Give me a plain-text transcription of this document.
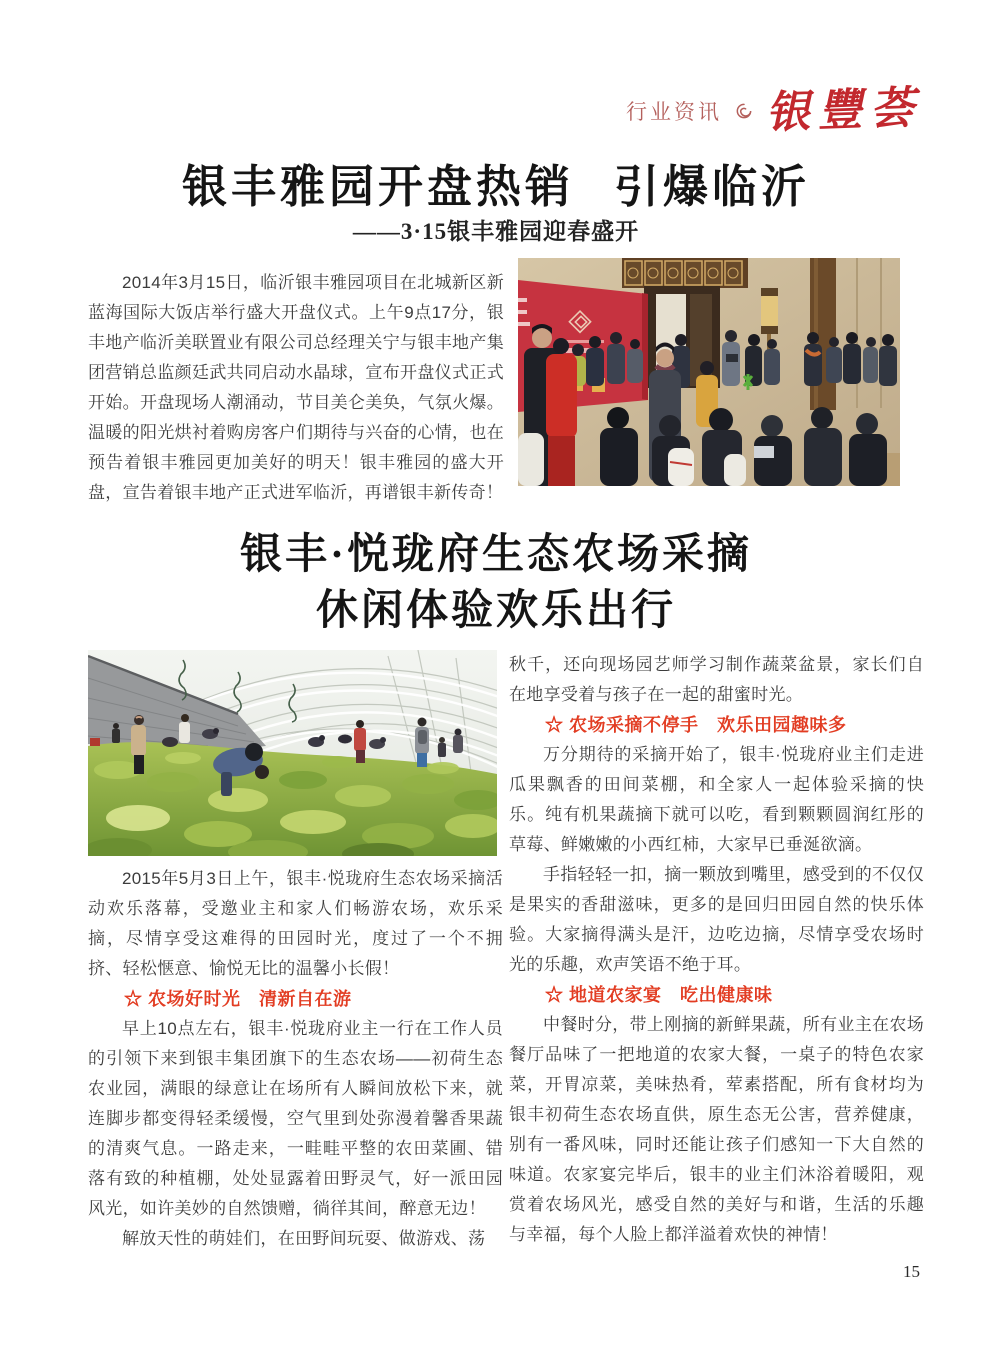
行业资讯 银豐荟
银丰雅园开盘热销 引爆临沂
——3·15银丰雅园迎春盛开

2014年3月15日，临沂银丰雅园项目在北城新区新蓝海国际大饭店举行盛大开盘仪式。上午9点17分，银丰地产临沂美联置业有限公司总经理关宁与银丰地产集团营销总监颜廷武共同启动水晶球，宣布开盘仪式正式开始。开盘现场人潮涌动，节目美仑美奂，气氛火爆。温暖的阳光烘衬着购房客户们期待与兴奋的心情，也在预告着银丰雅园更加美好的明天！银丰雅园的盛大开盘，宣告着银丰地产正式进军临沂，再谱银丰新传奇！

银丰·悦珑府生态农场采摘
休闲体验欢乐出行

2015年5月3日上午，银丰·悦珑府生态农场采摘活动欢乐落幕，受邀业主和家人们畅游农场，欢乐采摘，尽情享受这难得的田园时光，度过了一个不拥挤、轻松惬意、愉悦无比的温馨小长假！

☆ 农场好时光　清新自在游

早上10点左右，银丰·悦珑府业主一行在工作人员的引领下来到银丰集团旗下的生态农场——初荷生态农业园，满眼的绿意让在场所有人瞬间放松下来，就连脚步都变得轻柔缓慢，空气里到处弥漫着馨香果蔬的清爽气息。一路走来，一畦畦平整的农田菜圃、错落有致的种植棚，处处显露着田野灵气，好一派田园风光，如许美妙的自然馈赠，徜徉其间，醉意无边！

解放天性的萌娃们，在田野间玩耍、做游戏、荡

秋千，还向现场园艺师学习制作蔬菜盆景，家长们自在地享受着与孩子在一起的甜蜜时光。

☆ 农场采摘不停手　欢乐田园趣味多

万分期待的采摘开始了，银丰·悦珑府业主们走进瓜果飘香的田间菜棚，和全家人一起体验采摘的快乐。纯有机果蔬摘下就可以吃，看到颗颗圆润红彤的草莓、鲜嫩嫩的小西红柿，大家早已垂涎欲滴。

手指轻轻一扣，摘一颗放到嘴里，感受到的不仅仅是果实的香甜滋味，更多的是回归田园自然的快乐体验。大家摘得满头是汗，边吃边摘，尽情享受农场时光的乐趣，欢声笑语不绝于耳。

☆ 地道农家宴　吃出健康味

中餐时分，带上刚摘的新鲜果蔬，所有业主在农场餐厅品味了一把地道的农家大餐，一桌子的特色农家菜，开胃凉菜，美味热肴，荤素搭配，所有食材均为银丰初荷生态农场直供，原生态无公害，营养健康，别有一番风味，同时还能让孩子们感知一下大自然的味道。农家宴完毕后，银丰的业主们沐浴着暖阳，观赏着农场风光，感受自然的美好与和谐，生活的乐趣与幸福，每个人脸上都洋溢着欢快的神情！

15
